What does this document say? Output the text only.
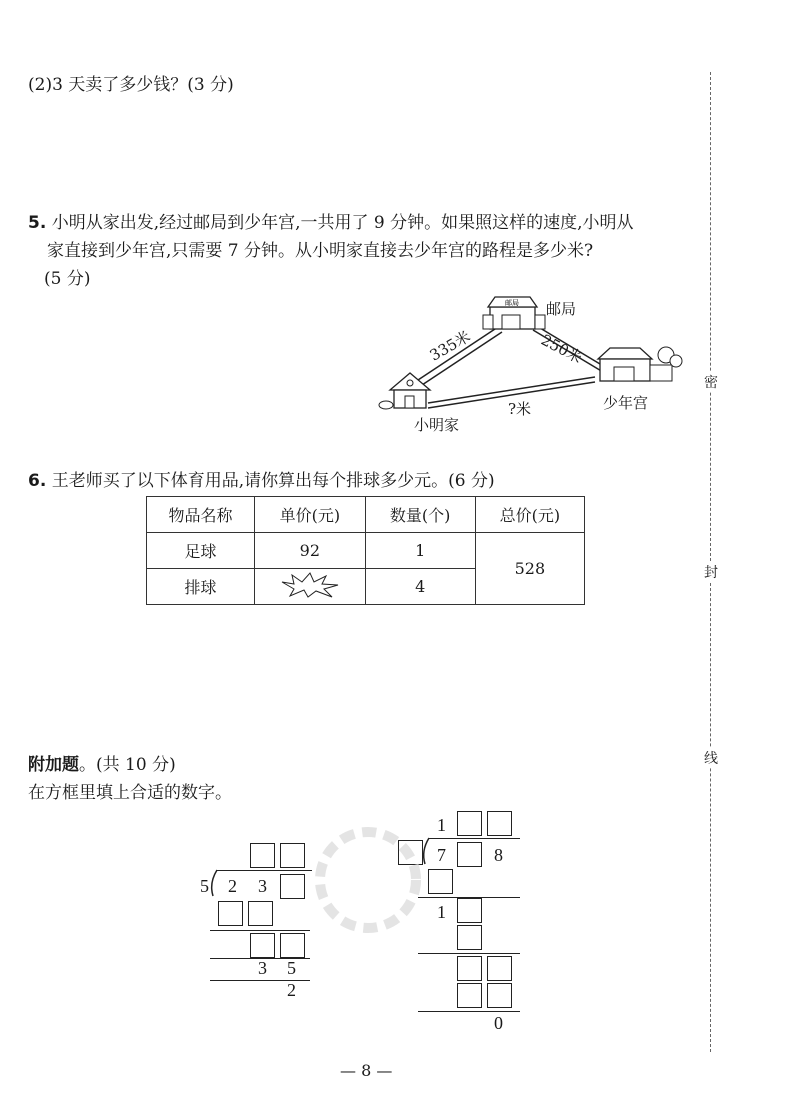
密
封
线
(2)3 天卖了多少钱？(3 分)
5. 小明从家出发,经过邮局到少年宫,一共用了 9 分钟。如果照这样的速度,小明从
家直接到少年宫,只需要 7 分钟。从小明家直接去少年宫的路程是多少米?
(5 分)
邮局 邮局
少年宫
小明家
335米	250米
?米
6. 王老师买了以下体育用品,请你算出每个排球多少元。(6 分)
物品名称	单价(元)	数量(个)	总价(元)
足球	92	1	528
排球		4	
附加题。(共 10 分)
在方框里填上合适的数字。
5 2 3
3 5
2
1
7	8
1
0
— 8 —
